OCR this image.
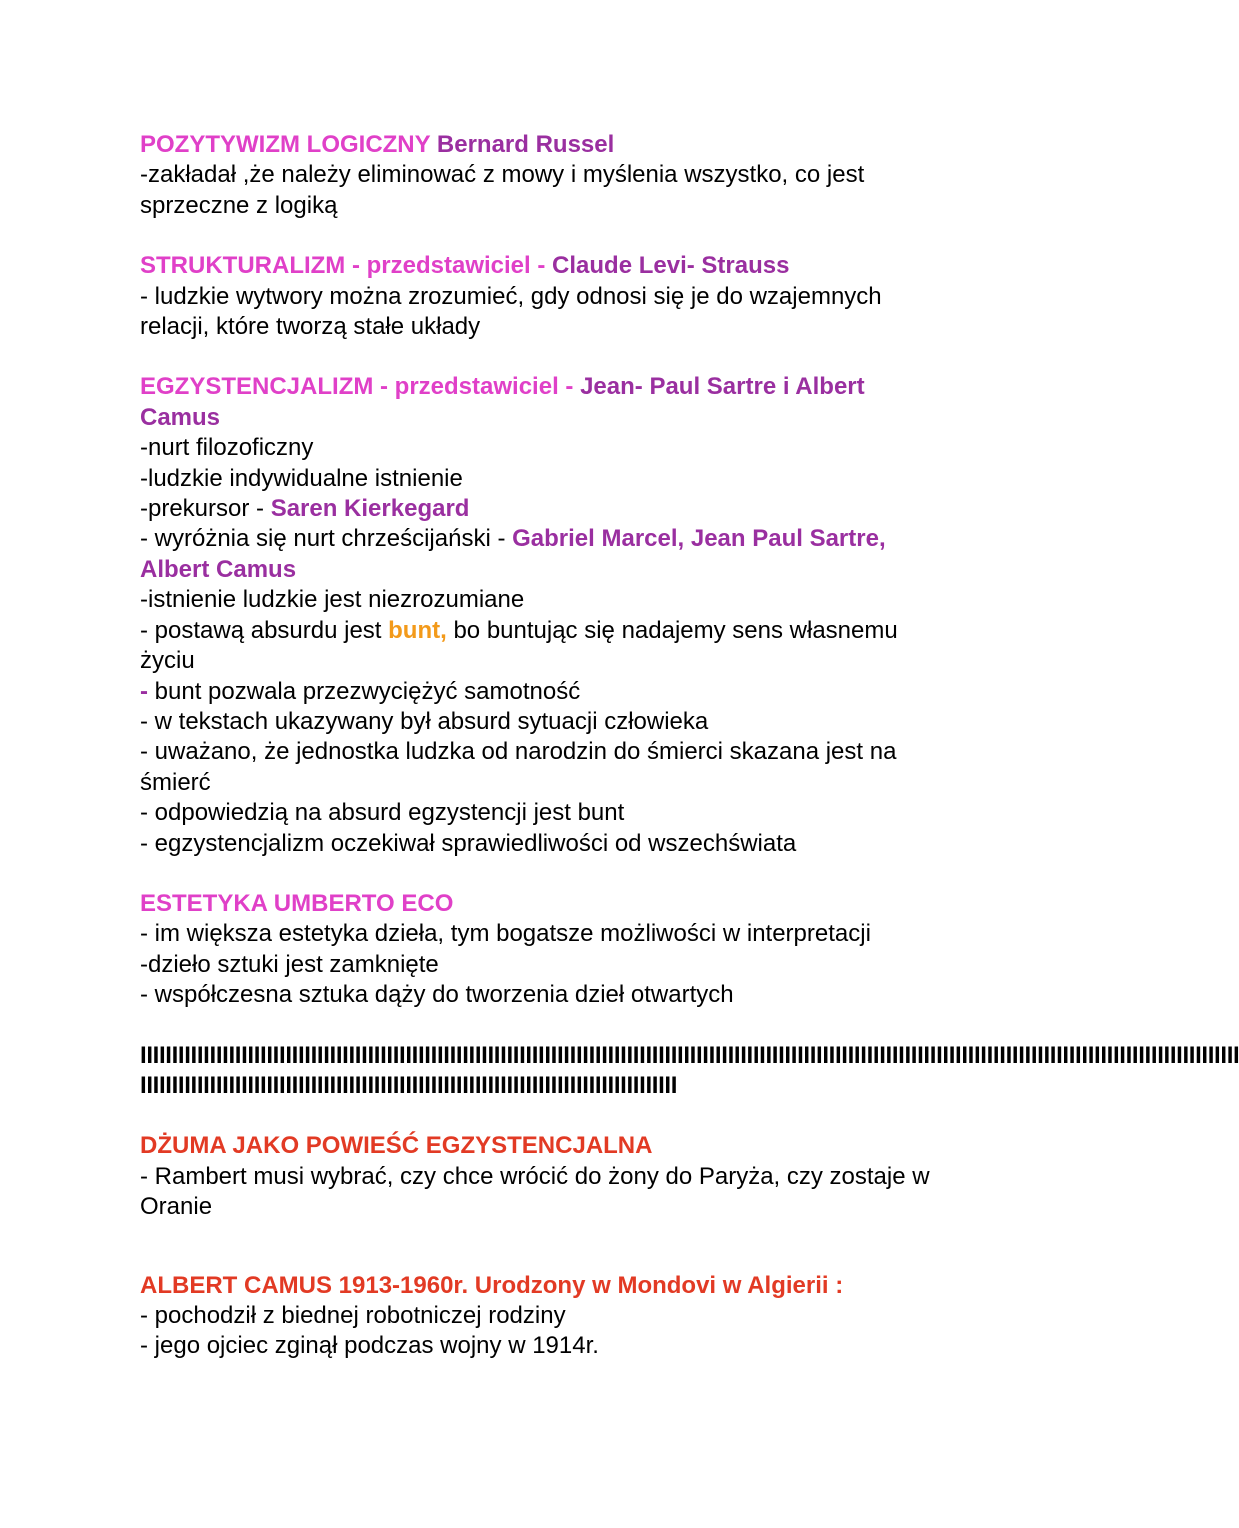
POZYTYWIZM LOGICZNY Bernard Russel

-zakładał ,że należy eliminować z mowy i myślenia wszystko, co jest sprzeczne z logiką

STRUKTURALIZM - przedstawiciel - Claude Levi- Strauss

- ludzkie wytwory można zrozumieć, gdy odnosi się je do wzajemnych relacji, które tworzą stałe układy

EGZYSTENCJALIZM - przedstawiciel - Jean- Paul Sartre i Albert Camus

-nurt filozoficzny

-ludzkie indywidualne istnienie

-prekursor - Saren Kierkegard

- wyróżnia się nurt chrześcijański - Gabriel Marcel, Jean Paul Sartre, Albert Camus

-istnienie ludzkie jest niezrozumiane

- postawą absurdu jest bunt, bo buntując się nadajemy sens własnemu życiu

- bunt pozwala przezwyciężyć samotność

- w tekstach ukazywany był absurd sytuacji człowieka

- uważano, że jednostka ludzka od narodzin do śmierci skazana jest na śmierć

- odpowiedzią na absurd egzystencji jest bunt

- egzystencjalizm oczekiwał sprawiedliwości od wszechświata

ESTETYKA UMBERTO ECO

- im większa estetyka dzieła, tym bogatsze możliwości w interpretacji

-dzieło sztuki jest zamknięte

- współczesna sztuka dąży do tworzenia dzieł otwartych

IIIIIIIIIIIIIIIIIIIIIIIIIIIIIIIIIIIIIIIIIIIIIIIIIIIIIIIIIIIIIIIIIIIIIIIIIIIIIIIIIIIIIIIIIIIIIIIIIIIIIIIIIIIIIIIIIIIIIIIIIIIIIIIIIIIIIIIIIIIIIIIIIIIIIIIIIIIIIIIIIIIIIIIIIIIIII
IIIIIIIIIIIIIIIIIIIIIIIIIIIIIIIIIIIIIIIIIIIIIIIIIIIIIIIIIIIIIIIIIIIIIIIIIIIIIIIIIIIII

DŻUMA JAKO POWIEŚĆ EGZYSTENCJALNA

- Rambert musi wybrać, czy chce wrócić do żony do Paryża, czy zostaje w Oranie

ALBERT CAMUS 1913-1960r. Urodzony w Mondovi w Algierii :

- pochodził z biednej robotniczej rodziny

- jego ojciec zginął podczas wojny w 1914r.
